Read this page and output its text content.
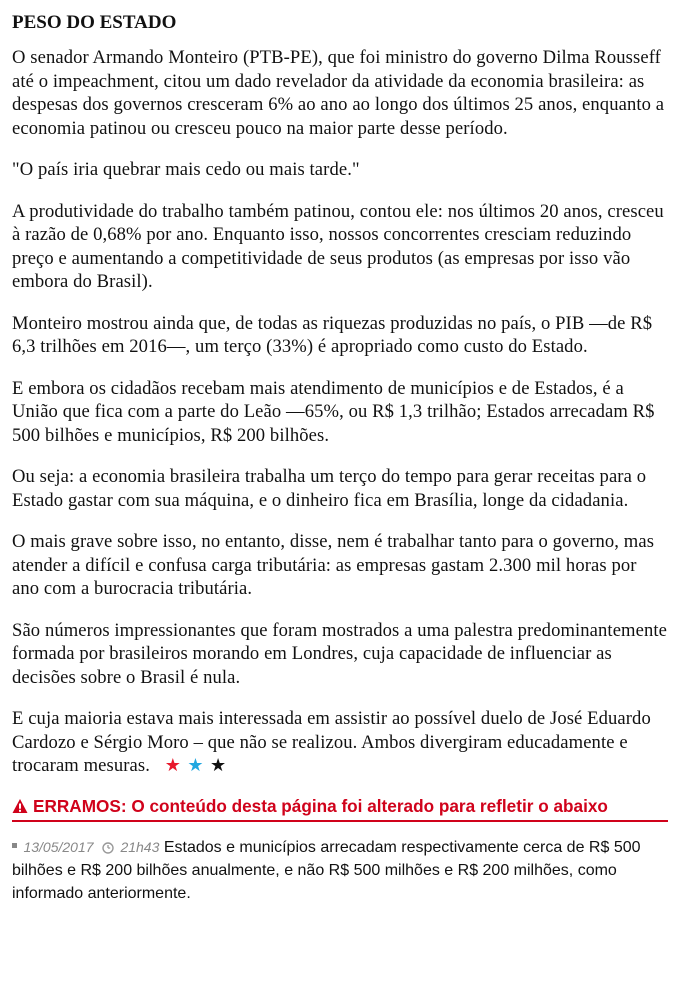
PESO DO ESTADO

O senador Armando Monteiro (PTB-PE), que foi ministro do governo Dilma Rousseff até o impeachment, citou um dado revelador da atividade da economia brasileira: as despesas dos governos cresceram 6% ao ano ao longo dos últimos 25 anos, enquanto a economia patinou ou cresceu pouco na maior parte desse período.

"O país iria quebrar mais cedo ou mais tarde."

A produtividade do trabalho também patinou, contou ele: nos últimos 20 anos, cresceu à razão de 0,68% por ano. Enquanto isso, nossos concorrentes cresciam reduzindo preço e aumentando a competitividade de seus produtos (as empresas por isso vão embora do Brasil).

Monteiro mostrou ainda que, de todas as riquezas produzidas no país, o PIB —de R$ 6,3 trilhões em 2016—, um terço (33%) é apropriado como custo do Estado.

E embora os cidadãos recebam mais atendimento de municípios e de Estados, é a União que fica com a parte do Leão —65%, ou R$ 1,3 trilhão; Estados arrecadam R$ 500 bilhões e municípios, R$ 200 bilhões.

Ou seja: a economia brasileira trabalha um terço do tempo para gerar receitas para o Estado gastar com sua máquina, e o dinheiro fica em Brasília, longe da cidadania.

O mais grave sobre isso, no entanto, disse, nem é trabalhar tanto para o governo, mas atender a difícil e confusa carga tributária: as empresas gastam 2.300 mil horas por ano com a burocracia tributária.

São números impressionantes que foram mostrados a uma palestra predominantemente formada por brasileiros morando em Londres, cuja capacidade de influenciar as decisões sobre o Brasil é nula.

E cuja maioria estava mais interessada em assistir ao possível duelo de José Eduardo Cardozo e Sérgio Moro – que não se realizou. Ambos divergiram educadamente e trocaram mesuras. ★ ★ ★

ERRAMOS: O conteúdo desta página foi alterado para refletir o abaixo
13/05/2017 21h43 Estados e municípios arrecadam respectivamente cerca de R$ 500 bilhões e R$ 200 bilhões anualmente, e não R$ 500 milhões e R$ 200 milhões, como informado anteriormente.
